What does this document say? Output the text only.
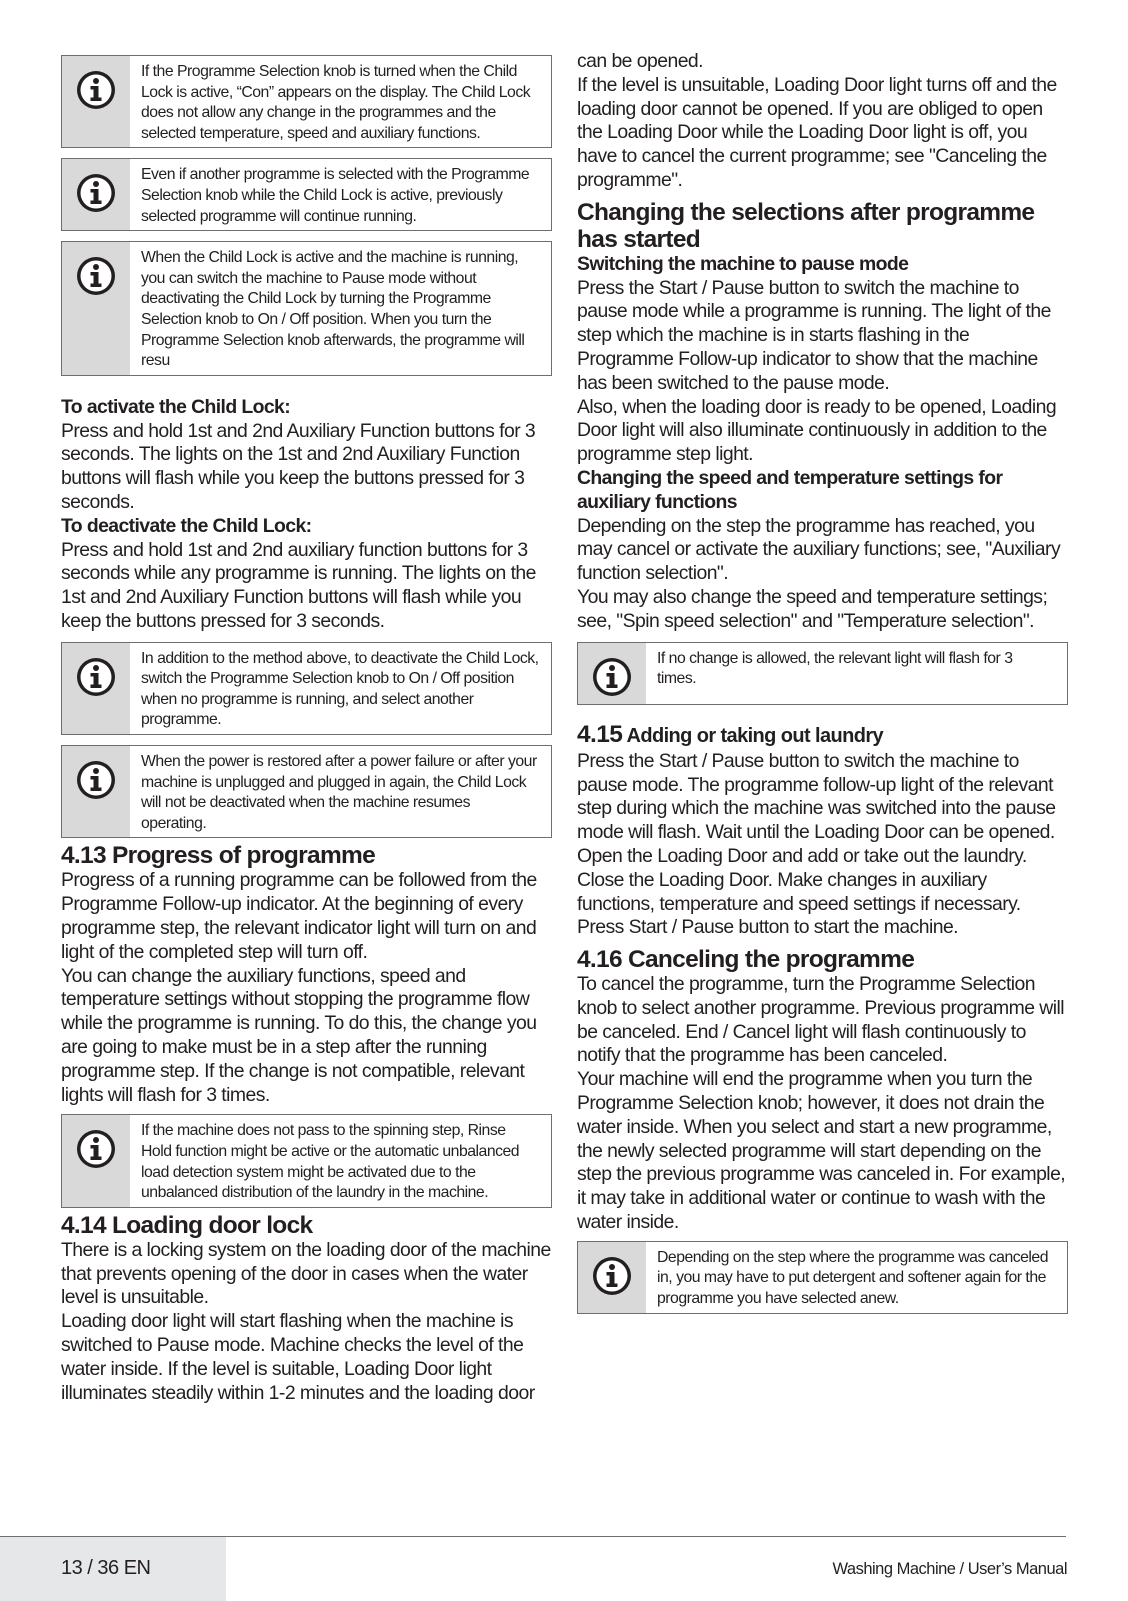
If the Programme Selection knob is turned when the Child Lock is active, “Con” appears on the display. The Child Lock does not allow any change in the programmes and the selected temperature, speed and auxiliary functions.
Even if another programme is selected with the Programme Selection knob while the Child Lock is active, previously selected programme will continue running.
When the Child Lock is active and the machine is running, you can switch the machine to Pause mode without deactivating the Child Lock by turning the Programme Selection knob to On / Off position. When you turn the Programme Selection knob afterwards, the programme will resu

To activate the Child Lock:

Press and hold 1st and 2nd Auxiliary Function buttons for 3 seconds. The lights on the 1st and 2nd Auxiliary Function buttons will flash while you keep the buttons pressed for 3 seconds.

To deactivate the Child Lock:

Press and hold 1st and 2nd auxiliary function buttons for 3 seconds while any programme is running. The lights on the 1st and 2nd Auxiliary Function buttons will flash while you keep the buttons pressed for 3 seconds.

In addition to the method above, to deactivate the Child Lock, switch the Programme Selection knob to On / Off position when no programme is running, and select another programme.
When the power is restored after a power failure or after your machine is unplugged and plugged in again, the Child Lock will not be deactivated when the machine resumes operating.
4.13 Progress of programme

Progress of a running programme can be followed from the Programme Follow-up indicator. At the beginning of every programme step, the relevant indicator light will turn on and light of the completed step will turn off.

You can change the auxiliary functions, speed and temperature settings without stopping the programme flow while the programme is running. To do this, the change you are going to make must be in a step after the running programme step. If the change is not compatible, relevant lights will flash for 3 times.

If the machine does not pass to the spinning step, Rinse Hold function might be active or the automatic unbalanced load detection system might be activated due to the unbalanced distribution of the laundry in the machine.
4.14 Loading door lock

There is a locking system on the loading door of the machine that prevents opening of the door in cases when the water level is unsuitable.

Loading door light will start flashing when the machine is switched to Pause mode. Machine checks the level of the water inside. If the level is suitable, Loading Door light illuminates steadily within 1-2 minutes and the loading door

can be opened.

If the level is unsuitable, Loading Door light turns off and the loading door cannot be opened. If you are obliged to open the Loading Door while the Loading Door light is off, you have to cancel the current programme; see "Canceling the programme".

Changing the selections after programme has started

Switching the machine to pause mode

Press the Start / Pause button to switch the machine to pause mode while a programme is running. The light of the step which the machine is in starts flashing in the Programme Follow-up indicator to show that the machine has been switched to the pause mode.

Also, when the loading door is ready to be opened, Loading Door light will also illuminate continuously in addition to the programme step light.

Changing the speed and temperature settings for auxiliary functions

Depending on the step the programme has reached, you may cancel or activate the auxiliary functions; see, "Auxiliary function selection".

You may also change the speed and temperature settings; see, "Spin speed selection" and "Temperature selection".

If no change is allowed, the relevant light will flash for 3 times.
4.15 Adding or taking out laundry

Press the Start / Pause button to switch the machine to pause mode. The programme follow-up light of the relevant step during which the machine was switched into the pause mode will flash. Wait until the Loading Door can be opened. Open the Loading Door and add or take out the laundry. Close the Loading Door. Make changes in auxiliary functions, temperature and speed settings if necessary. Press Start / Pause button to start the machine.

4.16 Canceling the programme

To cancel the programme, turn the Programme Selection knob to select another programme. Previous programme will be canceled. End / Cancel light will flash continuously to notify that the programme has been canceled.

Your machine will end the programme when you turn the Programme Selection knob; however, it does not drain the water inside. When you select and start a new programme, the newly selected programme will start depending on the step the previous programme was canceled in. For example, it may take in additional water or continue to wash with the water inside.

Depending on the step where the programme was canceled in, you may have to put detergent and softener again for the programme you have selected anew.
13 / 36 EN	Washing Machine / User’s Manual
